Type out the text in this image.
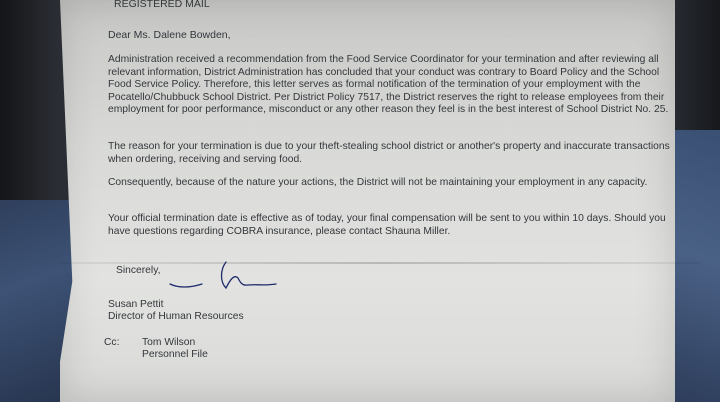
REGISTERED MAIL
Dear Ms. Dalene Bowden,

Administration received a recommendation from the Food Service Coordinator for your termination and after reviewing all relevant information, District Administration has concluded that your conduct was contrary to Board Policy and the School Food Service Policy. Therefore, this letter serves as formal notification of the termination of your employment with the Pocatello/Chubbuck School District. Per District Policy 7517, the District reserves the right to release employees from their employment for poor performance, misconduct or any other reason they feel is in the best interest of School District No. 25.

The reason for your termination is due to your theft-stealing school district or another's property and inaccurate transactions when ordering, receiving and serving food.

Consequently, because of the nature your actions, the District will not be maintaining your employment in any capacity.

Your official termination date is effective as of today, your final compensation will be sent to you within 10 days. Should you have questions regarding COBRA insurance, please contact Shauna Miller.

Sincerely,
Susan Pettit
Director of Human Resources
Cc: Tom Wilson
Personnel File
